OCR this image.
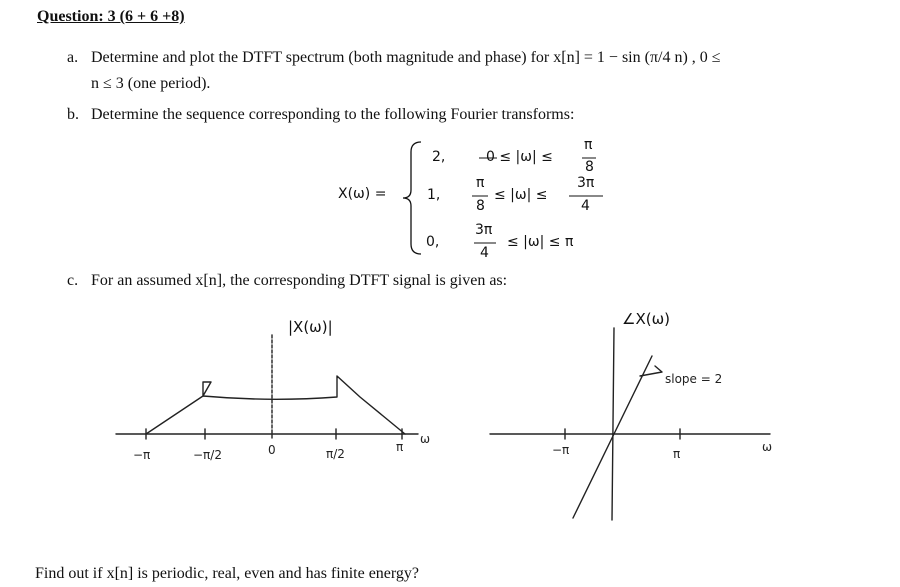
Question: 3 (6 + 6 +8)
a. Determine and plot the DTFT spectrum (both magnitude and phase) for x[n] = 1 − sin (π/4 n) , 0 ≤
n ≤ 3 (one period).
b. Determine the sequence corresponding to the following Fourier transforms:
X(ω) =
2,	0 ≤ |ω| ≤
π
8
1,
π
8
≤ |ω| ≤
3π
4
0,
3π
4
≤ |ω| ≤ π
c. For an assumed x[n], the corresponding DTFT signal is given as:
|X(ω)|
ω
−π	−π/2	0	π/2	π
∠X(ω)
slope = 2
ω
−π	π
Find out if x[n] is periodic, real, even and has finite energy?
